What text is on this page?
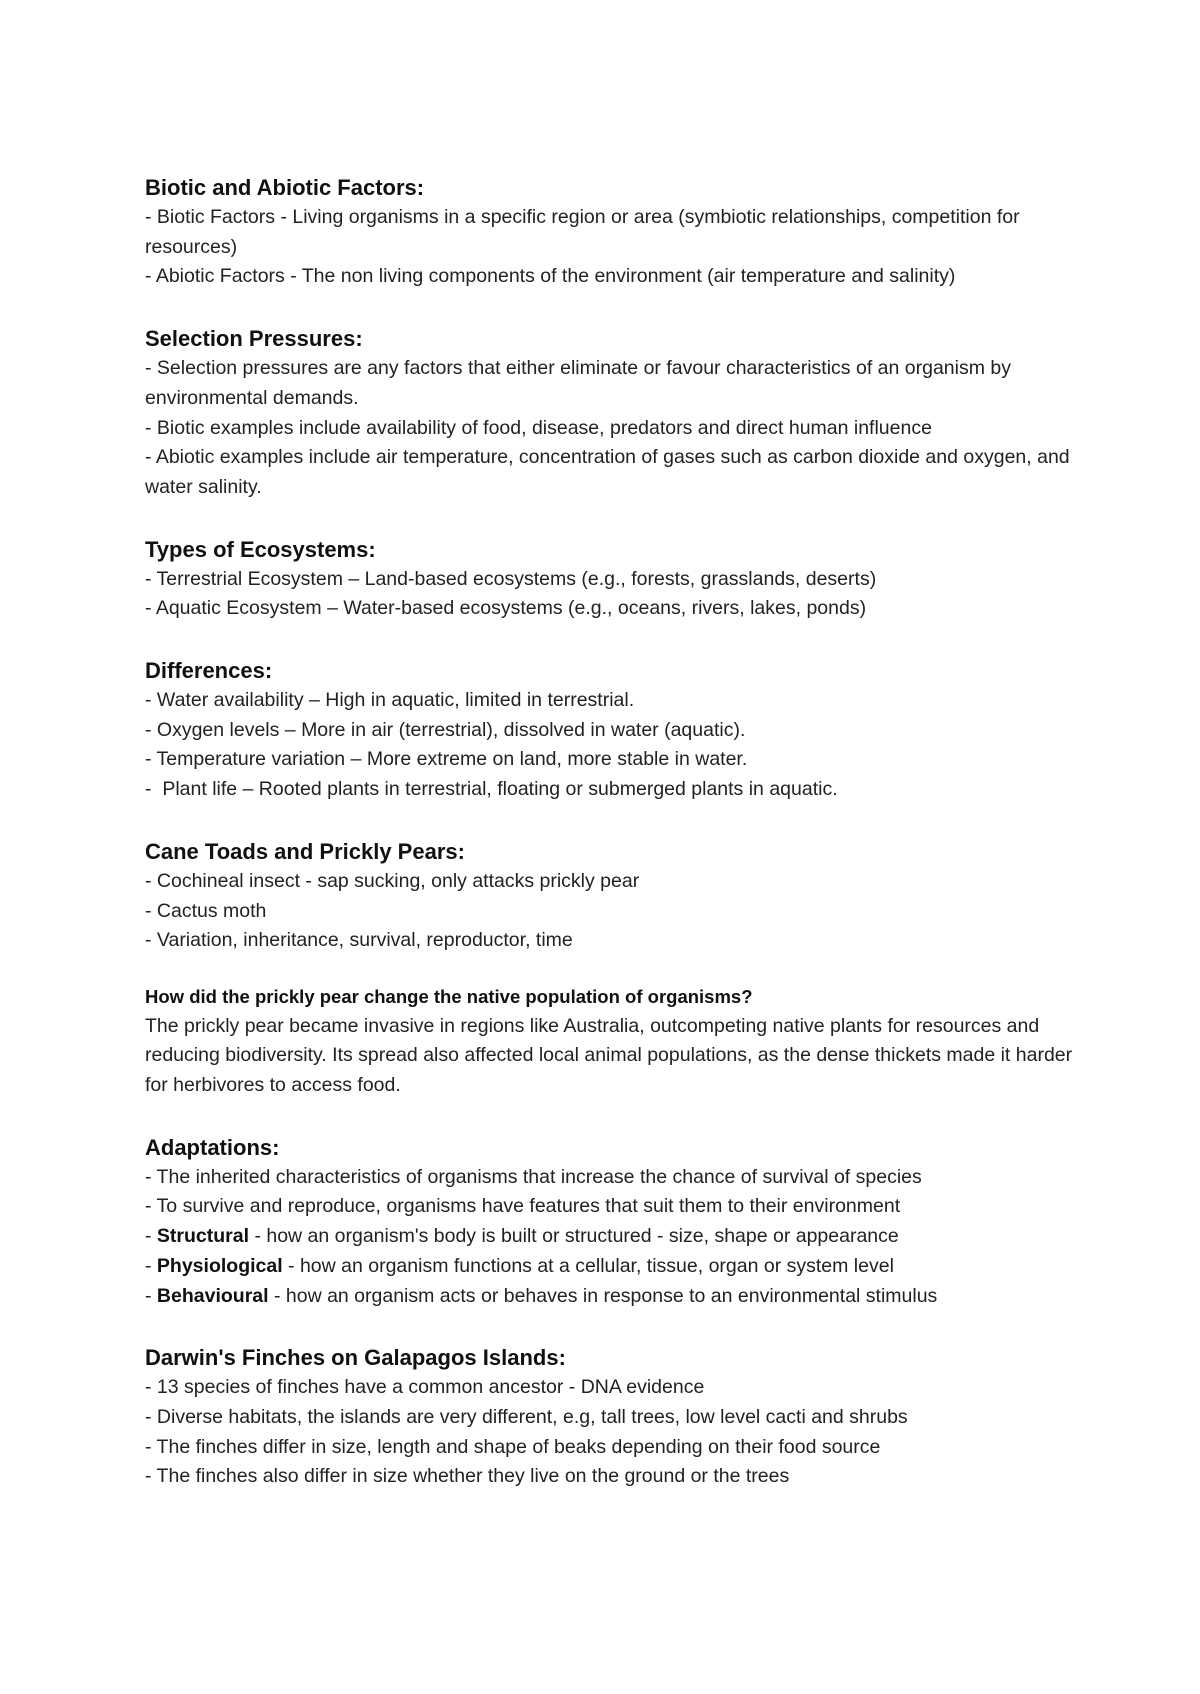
Biotic and Abiotic Factors:

- Biotic Factors - Living organisms in a specific region or area (symbiotic relationships, competition for resources)

- Abiotic Factors - The non living components of the environment (air temperature and salinity)

Selection Pressures:

- Selection pressures are any factors that either eliminate or favour characteristics of an organism by environmental demands.

- Biotic examples include availability of food, disease, predators and direct human influence

- Abiotic examples include air temperature, concentration of gases such as carbon dioxide and oxygen, and water salinity.

Types of Ecosystems:

- Terrestrial Ecosystem – Land-based ecosystems (e.g., forests, grasslands, deserts)

- Aquatic Ecosystem – Water-based ecosystems (e.g., oceans, rivers, lakes, ponds)

Differences:

- Water availability – High in aquatic, limited in terrestrial.

- Oxygen levels – More in air (terrestrial), dissolved in water (aquatic).

- Temperature variation – More extreme on land, more stable in water.

-  Plant life – Rooted plants in terrestrial, floating or submerged plants in aquatic.

Cane Toads and Prickly Pears:

- Cochineal insect - sap sucking, only attacks prickly pear

- Cactus moth

- Variation, inheritance, survival, reproductor, time

How did the prickly pear change the native population of organisms?

The prickly pear became invasive in regions like Australia, outcompeting native plants for resources and reducing biodiversity. Its spread also affected local animal populations, as the dense thickets made it harder for herbivores to access food.

Adaptations:

- The inherited characteristics of organisms that increase the chance of survival of species

- To survive and reproduce, organisms have features that suit them to their environment

- Structural - how an organism's body is built or structured - size, shape or appearance

- Physiological - how an organism functions at a cellular, tissue, organ or system level

- Behavioural - how an organism acts or behaves in response to an environmental stimulus

Darwin's Finches on Galapagos Islands:

- 13 species of finches have a common ancestor - DNA evidence

- Diverse habitats, the islands are very different, e.g, tall trees, low level cacti and shrubs

- The finches differ in size, length and shape of beaks depending on their food source

- The finches also differ in size whether they live on the ground or the trees
